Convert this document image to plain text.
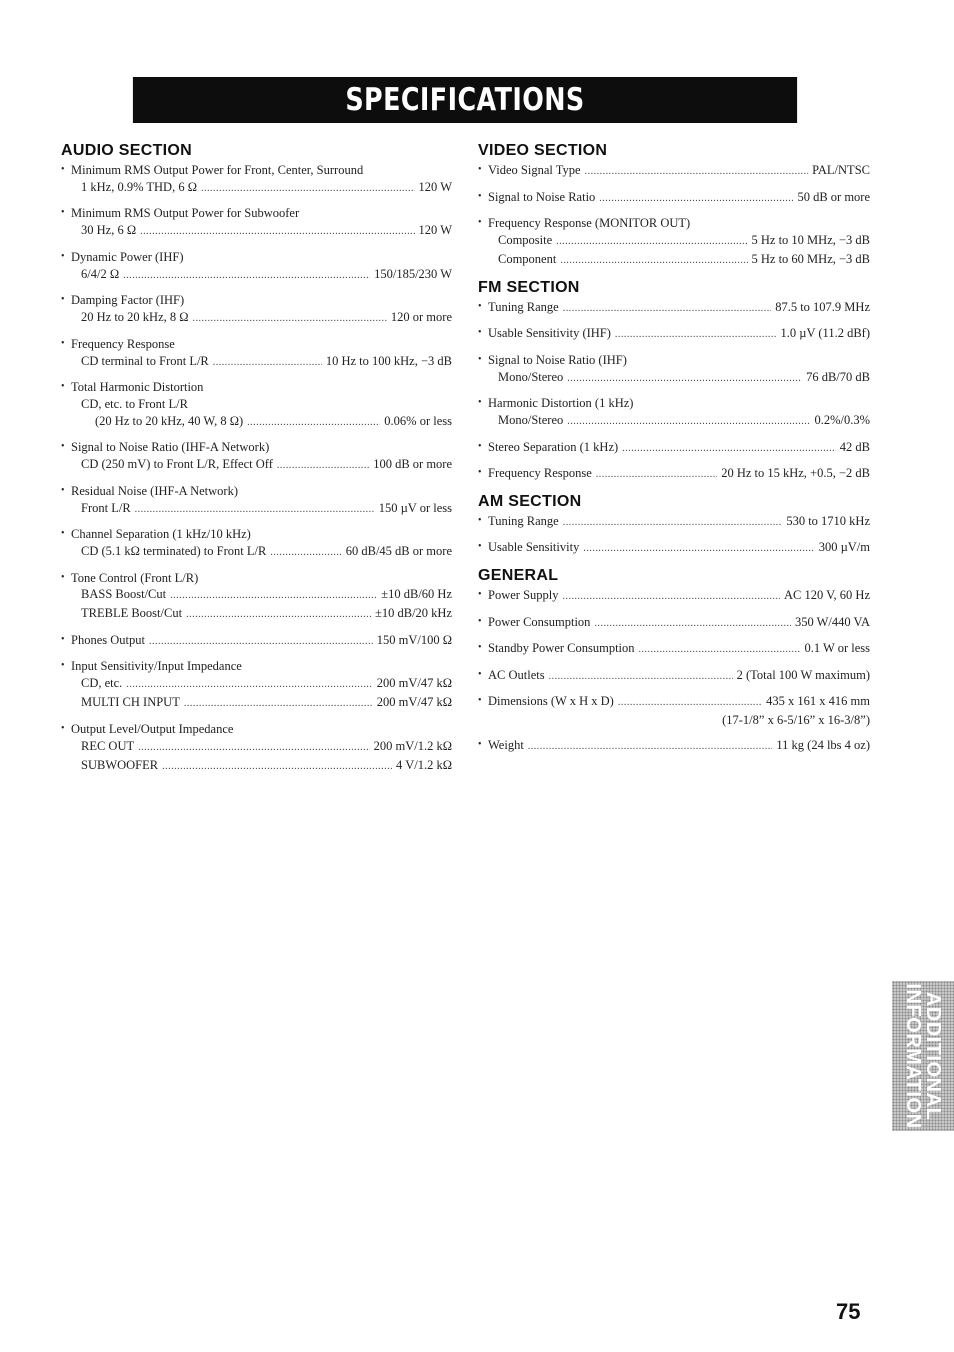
SPECIFICATIONS
AUDIO SECTION
• Minimum RMS Output Power for Front, Center, Surround
1 kHz, 0.9% THD, 6 Ω .....	120 W
• Minimum RMS Output Power for Subwoofer
30 Hz, 6 Ω .....	120 W
• Dynamic Power (IHF)
6/4/2 Ω .....	150/185/230 W
• Damping Factor (IHF)
20 Hz to 20 kHz, 8 Ω .....	120 or more
• Frequency Response
CD terminal to Front L/R .....	10 Hz to 100 kHz, −3 dB
• Total Harmonic Distortion
CD, etc. to Front L/R
(20 Hz to 20 kHz, 40 W, 8 Ω) .....	0.06% or less
• Signal to Noise Ratio (IHF-A Network)
CD (250 mV) to Front L/R, Effect Off .....	100 dB or more
• Residual Noise (IHF-A Network)
Front L/R .....	150 µV or less
• Channel Separation (1 kHz/10 kHz)
CD (5.1 kΩ terminated) to Front L/R .....	60 dB/45 dB or more
• Tone Control (Front L/R)
BASS Boost/Cut .....	±10 dB/60 Hz
TREBLE Boost/Cut .....	±10 dB/20 kHz
• Phones Output .....	150 mV/100 Ω
• Input Sensitivity/Input Impedance
CD, etc. .....	200 mV/47 kΩ
MULTI CH INPUT .....	200 mV/47 kΩ
• Output Level/Output Impedance
REC OUT .....	200 mV/1.2 kΩ
SUBWOOFER .....	4 V/1.2 kΩ
VIDEO SECTION
• Video Signal Type .....	PAL/NTSC
• Signal to Noise Ratio .....	50 dB or more
• Frequency Response (MONITOR OUT)
Composite .....	5 Hz to 10 MHz, −3 dB
Component .....	5 Hz to 60 MHz, −3 dB
FM SECTION
• Tuning Range .....	87.5 to 107.9 MHz
• Usable Sensitivity (IHF) .....	1.0 µV (11.2 dBf)
• Signal to Noise Ratio (IHF)
Mono/Stereo .....	76 dB/70 dB
• Harmonic Distortion (1 kHz)
Mono/Stereo .....	0.2%/0.3%
• Stereo Separation (1 kHz) .....	42 dB
• Frequency Response .....	20 Hz to 15 kHz, +0.5, −2 dB
AM SECTION
• Tuning Range .....	530 to 1710 kHz
• Usable Sensitivity .....	300 µV/m
GENERAL
• Power Supply .....	AC 120 V, 60 Hz
• Power Consumption .....	350 W/440 VA
• Standby Power Consumption .....	0.1 W or less
• AC Outlets .....	2 (Total 100 W maximum)
• Dimensions (W x H x D) .....	435 x 161 x 416 mm
(17-1/8” x 6-5/16” x 16-3/8”)
• Weight .....	11 kg (24 lbs 4 oz)
ADDITIONAL
INFORMATION
75
